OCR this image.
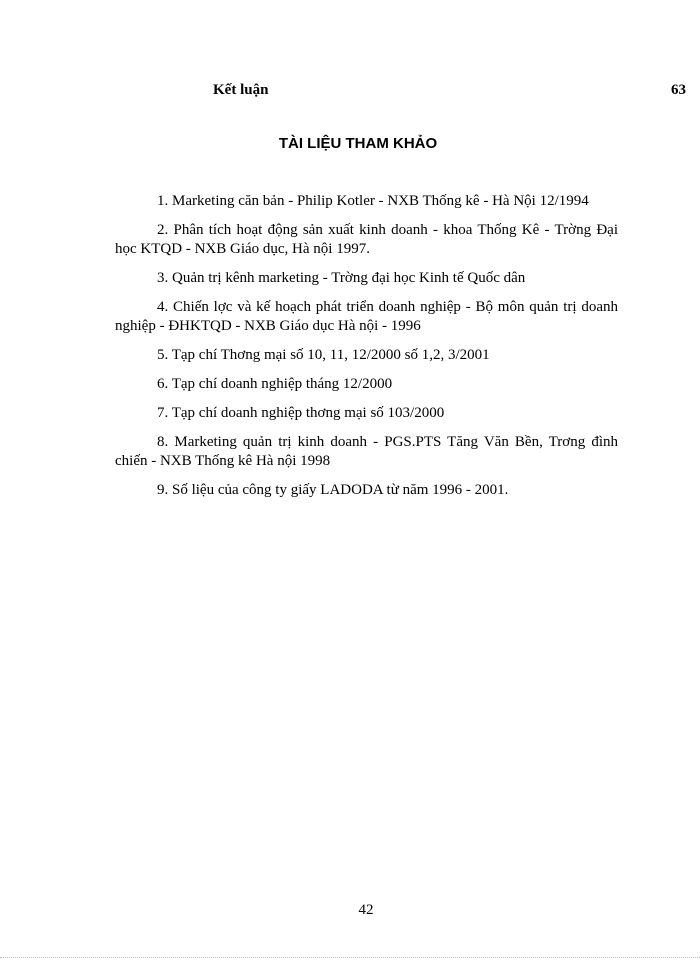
Kết luận	63
TÀI LIỆU THAM KHẢO

1. Marketing căn bản - Philip Kotler - NXB Thống kê - Hà Nội 12/1994

2. Phân tích hoạt động sản xuất kinh doanh - khoa Thống Kê - Trờng Đại học KTQD - NXB Giáo dục, Hà nội 1997.

3. Quản trị kênh marketing - Trờng đại học Kinh tế Quốc dân

4. Chiến lợc và kế hoạch phát triển doanh nghiệp - Bộ môn quản trị doanh nghiệp - ĐHKTQD - NXB Giáo dục Hà nội - 1996

5. Tạp chí Thơng mại số 10, 11, 12/2000 số 1,2, 3/2001

6. Tạp chí doanh nghiệp tháng 12/2000

7. Tạp chí doanh nghiệp thơng mại số 103/2000

8. Marketing quản trị kinh doanh - PGS.PTS Tăng Văn Bền, Trơng đình chiến - NXB Thống kê Hà nội 1998

9. Số liệu của công ty giấy LADODA từ năm 1996 - 2001.

42
